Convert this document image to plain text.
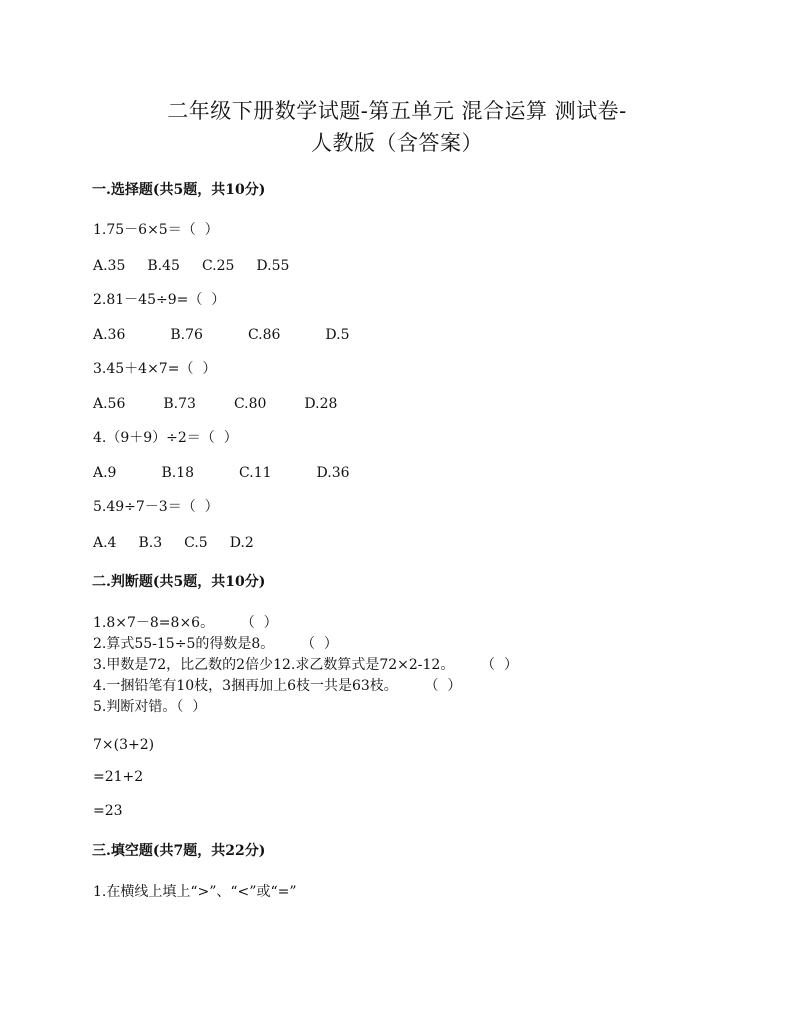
二年级下册数学试题-第五单元 混合运算 测试卷-
人教版（含答案）
一.选择题(共5题，共10分)
1.75－6×5＝（  ）
A.35 B.45 C.25 D.55
2.81－45÷9=（  ）
A.36	B.76	C.86	D.5
3.45＋4×7=（  ）
A.56	B.73	C.80	D.28
4.（9＋9）÷2＝（  ）
A.9	B.18	C.11	D.36
5.49÷7－3＝（  ）
A.4 B.3 C.5 D.2
二.判断题(共5题，共10分)
1.8×7－8=8×6。      （  ）
2.算式55-15÷5的得数是8。      （  ）
3.甲数是72，比乙数的2倍少12.求乙数算式是72×2-12。      （  ）
4.一捆铅笔有10枝，3捆再加上6枝一共是63枝。      （  ）
5.判断对错。（  ）
7×(3+2)
=21+2
=23
三.填空题(共7题，共22分)
1.在横线上填上“>”、“<”或“=”
